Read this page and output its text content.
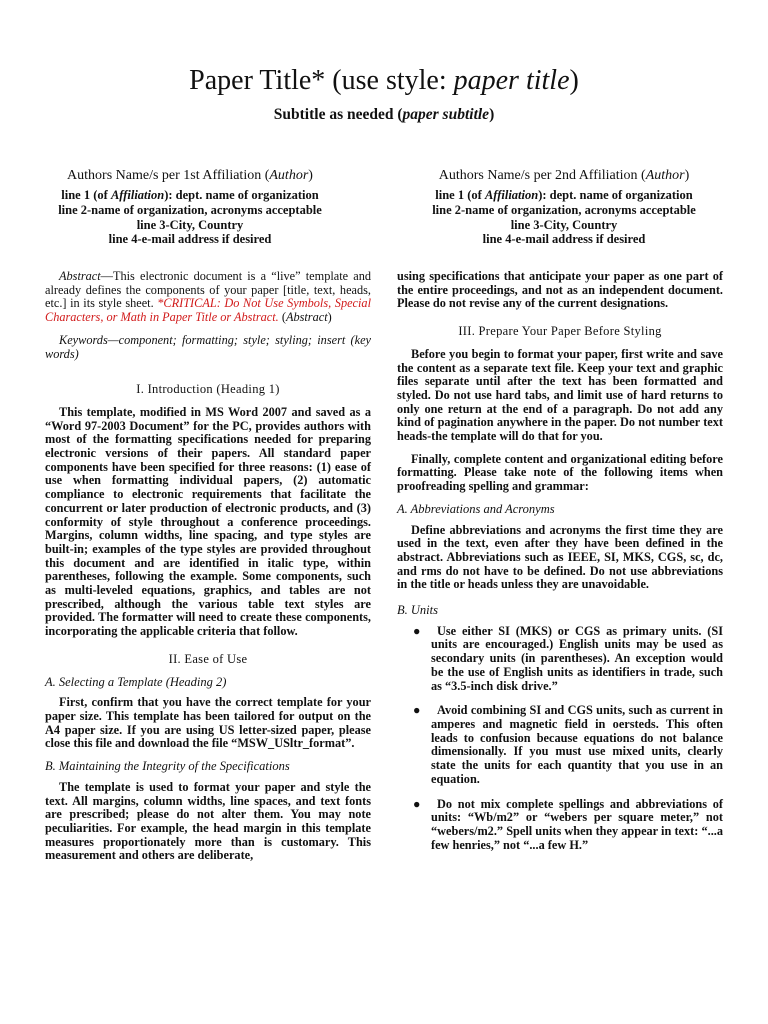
Paper Title* (use style: paper title)
Subtitle as needed (paper subtitle)
Authors Name/s per 1st Affiliation (Author)
line 1 (of Affiliation): dept. name of organization
line 2-name of organization, acronyms acceptable
line 3-City, Country
line 4-e-mail address if desired
Authors Name/s per 2nd Affiliation (Author)
line 1 (of Affiliation): dept. name of organization
line 2-name of organization, acronyms acceptable
line 3-City, Country
line 4-e-mail address if desired

Abstract—This electronic document is a “live” template and already defines the components of your paper [title, text, heads, etc.] in its style sheet. *CRITICAL: Do Not Use Symbols, Special Characters, or Math in Paper Title or Abstract. (Abstract)

Keywords—component; formatting; style; styling; insert (key words)

I. Introduction (Heading 1)

This template, modified in MS Word 2007 and saved as a “Word 97-2003 Document” for the PC, provides authors with most of the formatting specifications needed for preparing electronic versions of their papers. All standard paper components have been specified for three reasons: (1) ease of use when formatting individual papers, (2) automatic compliance to electronic requirements that facilitate the concurrent or later production of electronic products, and (3) conformity of style throughout a conference proceedings. Margins, column widths, line spacing, and type styles are built-in; examples of the type styles are provided throughout this document and are identified in italic type, within parentheses, following the example. Some components, such as multi-leveled equations, graphics, and tables are not prescribed, although the various table text styles are provided. The formatter will need to create these components, incorporating the applicable criteria that follow.

II. Ease of Use
A. Selecting a Template (Heading 2)

First, confirm that you have the correct template for your paper size. This template has been tailored for output on the A4 paper size. If you are using US letter-sized paper, please close this file and download the file “MSW_USltr_format”.

B. Maintaining the Integrity of the Specifications

The template is used to format your paper and style the text. All margins, column widths, line spaces, and text fonts are prescribed; please do not alter them. You may note peculiarities. For example, the head margin in this template measures proportionately more than is customary. This measurement and others are deliberate,

using specifications that anticipate your paper as one part of the entire proceedings, and not as an independent document. Please do not revise any of the current designations.

III. Prepare Your Paper Before Styling

Before you begin to format your paper, first write and save the content as a separate text file. Keep your text and graphic files separate until after the text has been formatted and styled. Do not use hard tabs, and limit use of hard returns to only one return at the end of a paragraph. Do not add any kind of pagination anywhere in the paper. Do not number text heads-the template will do that for you.

Finally, complete content and organizational editing before formatting. Please take note of the following items when proofreading spelling and grammar:

A. Abbreviations and Acronyms

Define abbreviations and acronyms the first time they are used in the text, even after they have been defined in the abstract. Abbreviations such as IEEE, SI, MKS, CGS, sc, dc, and rms do not have to be defined. Do not use abbreviations in the title or heads unless they are unavoidable.

B. Units
●	Use either SI (MKS) or CGS as primary units. (SI units are encouraged.) English units may be used as secondary units (in parentheses). An exception would be the use of English units as identifiers in trade, such as “3.5-inch disk drive.”
●	Avoid combining SI and CGS units, such as current in amperes and magnetic field in oersteds. This often leads to confusion because equations do not balance dimensionally. If you must use mixed units, clearly state the units for each quantity that you use in an equation.
●	Do not mix complete spellings and abbreviations of units: “Wb/m2” or “webers per square meter,” not “webers/m2.” Spell units when they appear in text: “...a few henries,” not “...a few H.”
